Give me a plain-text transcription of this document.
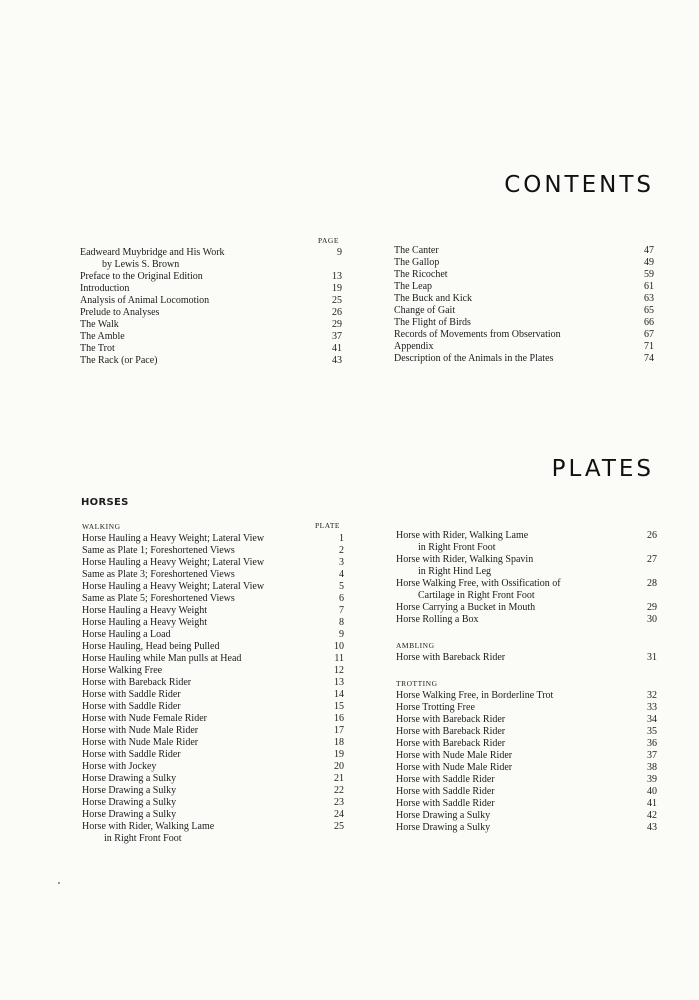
CONTENTS
PAGE
Eadweard Muybridge and His Work	9
by Lewis S. Brown
Preface to the Original Edition	13
Introduction	19
Analysis of Animal Locomotion	25
Prelude to Analyses	26
The Walk	29
The Amble	37
The Trot	41
The Rack (or Pace)	43
The Canter	47
The Gallop	49
The Ricochet	59
The Leap	61
The Buck and Kick	63
Change of Gait	65
The Flight of Birds	66
Records of Movements from Observation	67
Appendix	71
Description of the Animals in the Plates	74
PLATES
HORSES
WALKING	PLATE
Horse Hauling a Heavy Weight; Lateral View	1
Same as Plate 1; Foreshortened Views	2
Horse Hauling a Heavy Weight; Lateral View	3
Same as Plate 3; Foreshortened Views	4
Horse Hauling a Heavy Weight; Lateral View	5
Same as Plate 5; Foreshortened Views	6
Horse Hauling a Heavy Weight	7
Horse Hauling a Heavy Weight	8
Horse Hauling a Load	9
Horse Hauling, Head being Pulled	10
Horse Hauling while Man pulls at Head	11
Horse Walking Free	12
Horse with Bareback Rider	13
Horse with Saddle Rider	14
Horse with Saddle Rider	15
Horse with Nude Female Rider	16
Horse with Nude Male Rider	17
Horse with Nude Male Rider	18
Horse with Saddle Rider	19
Horse with Jockey	20
Horse Drawing a Sulky	21
Horse Drawing a Sulky	22
Horse Drawing a Sulky	23
Horse Drawing a Sulky	24
Horse with Rider, Walking Lame	25
in Right Front Foot
Horse with Rider, Walking Lame	26
in Right Front Foot
Horse with Rider, Walking Spavin	27
in Right Hind Leg
Horse Walking Free, with Ossification of	28
Cartilage in Right Front Foot
Horse Carrying a Bucket in Mouth	29
Horse Rolling a Box	30
AMBLING
Horse with Bareback Rider	31
TROTTING
Horse Walking Free, in Borderline Trot	32
Horse Trotting Free	33
Horse with Bareback Rider	34
Horse with Bareback Rider	35
Horse with Bareback Rider	36
Horse with Nude Male Rider	37
Horse with Nude Male Rider	38
Horse with Saddle Rider	39
Horse with Saddle Rider	40
Horse with Saddle Rider	41
Horse Drawing a Sulky	42
Horse Drawing a Sulky	43
